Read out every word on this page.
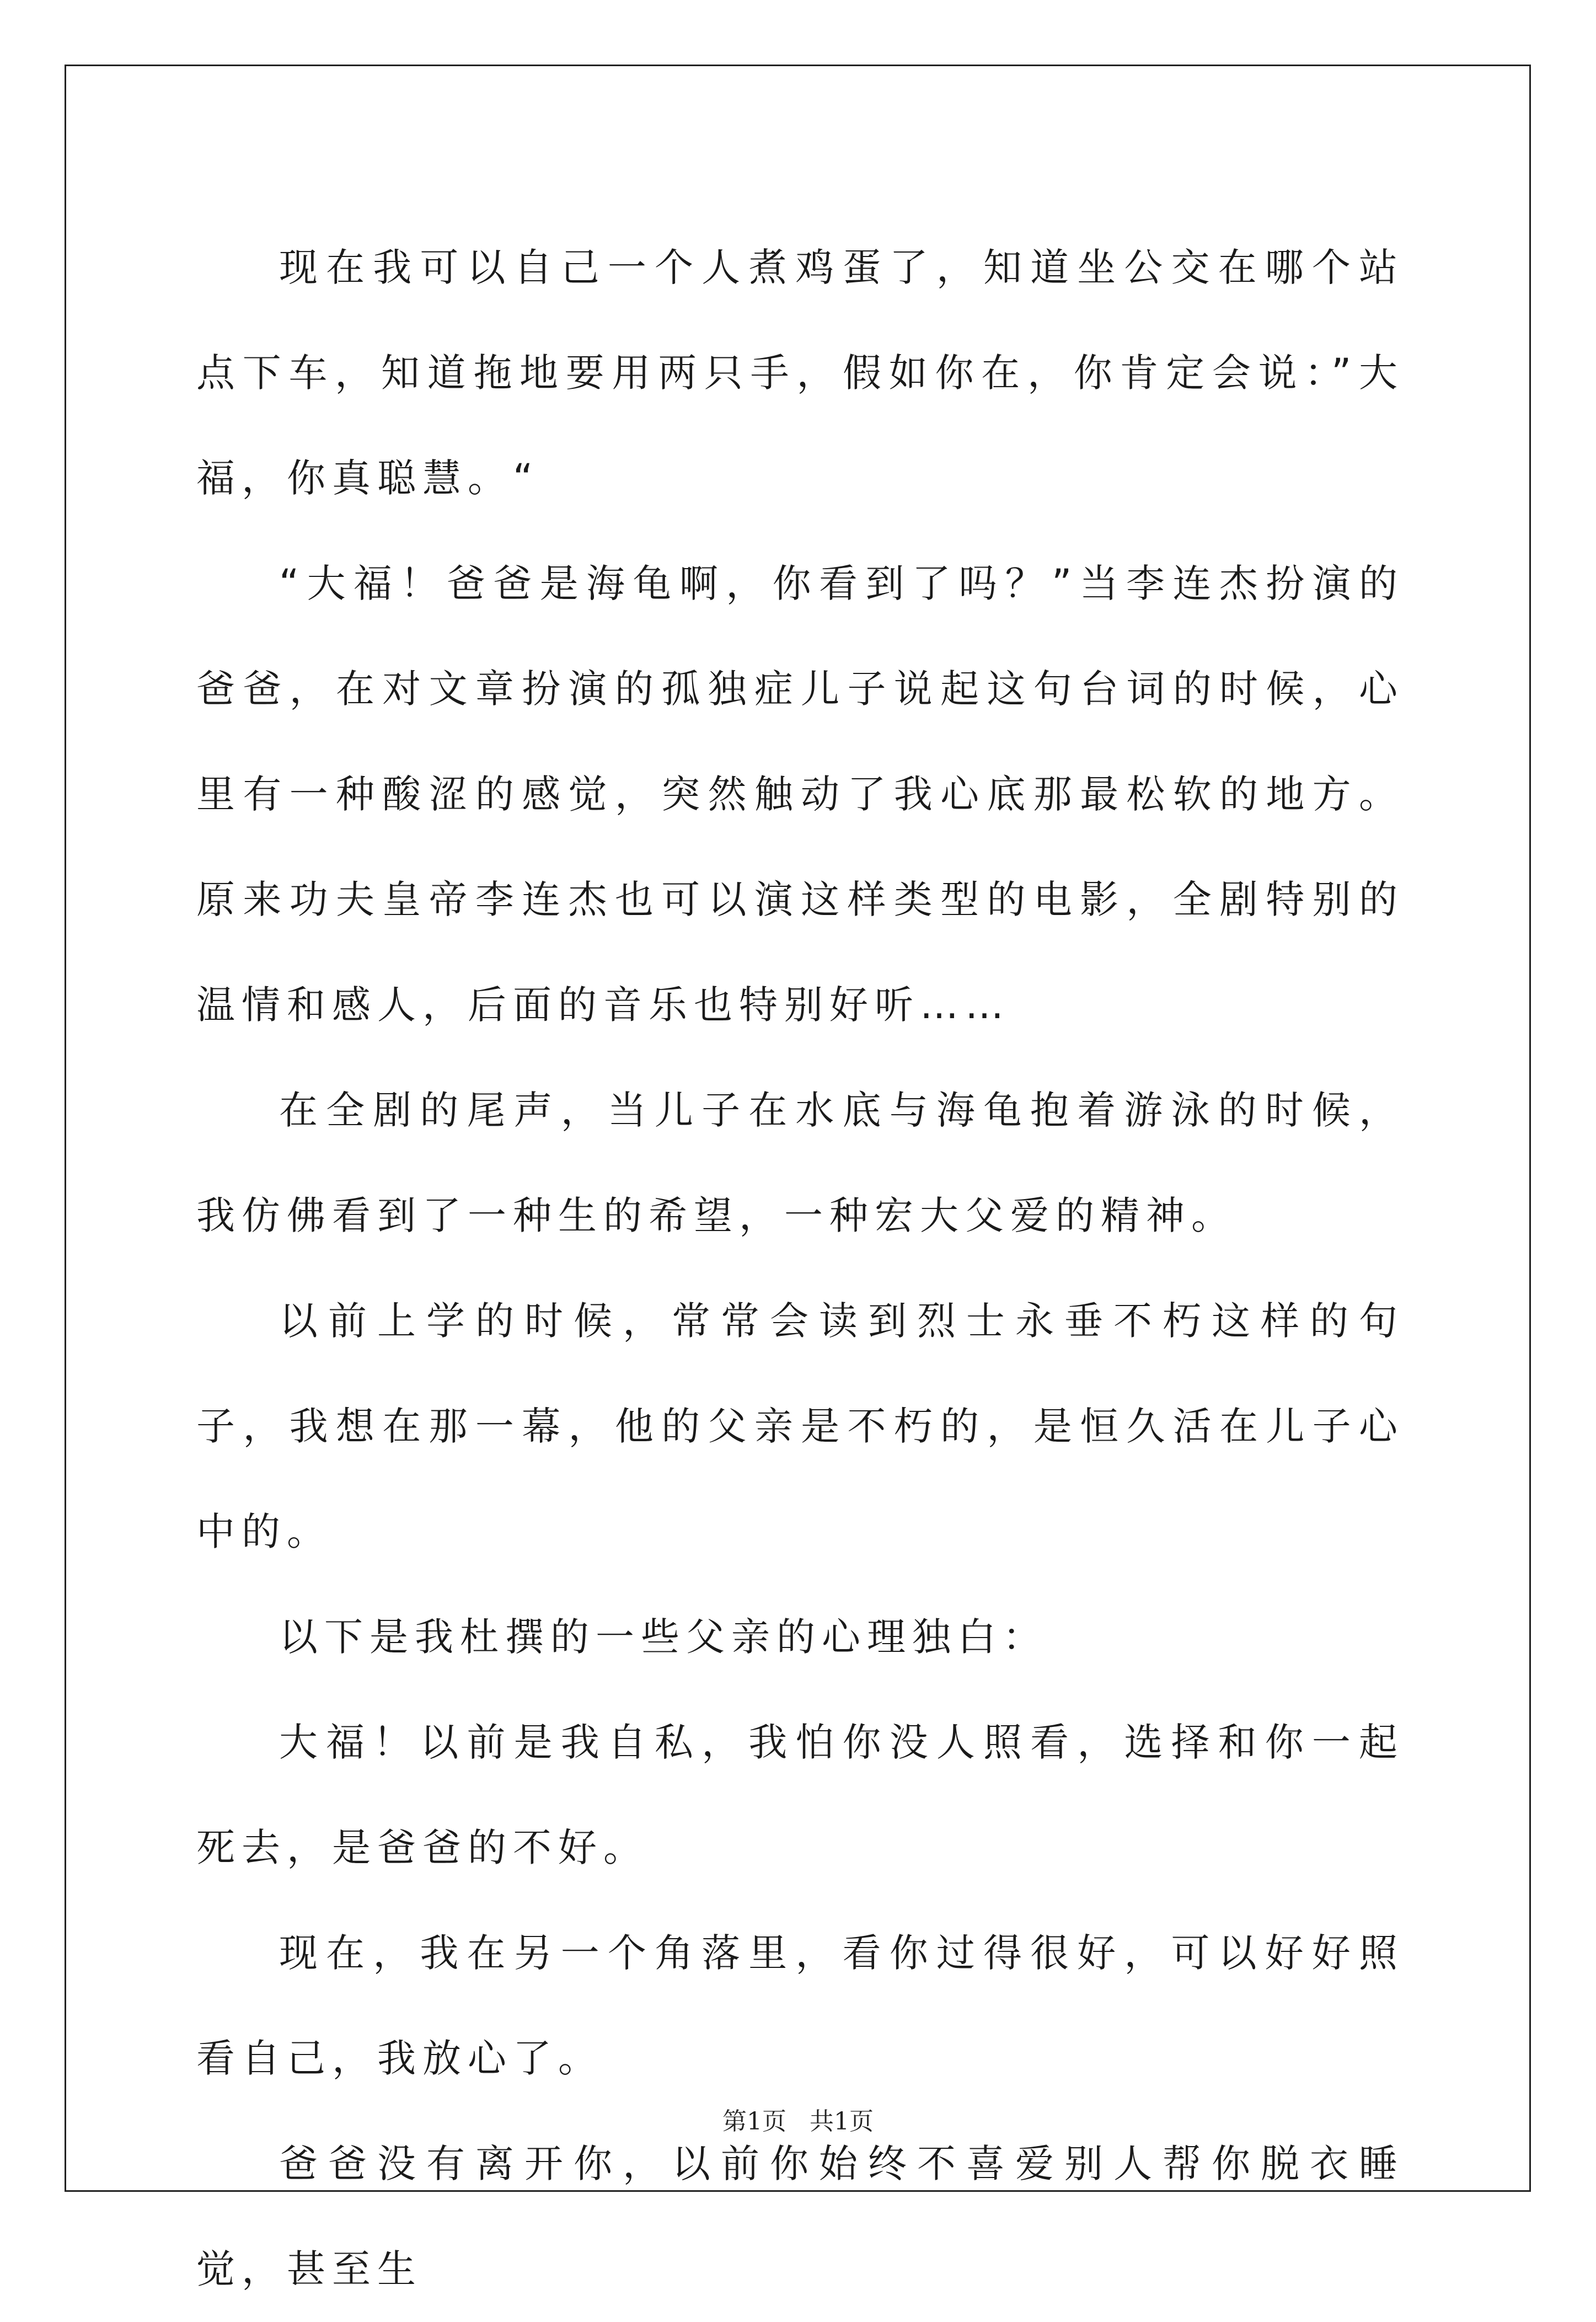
现在我可以自己一个人煮鸡蛋了，知道坐公交在哪个站点下车，知道拖地要用两只手，假如你在，你肯定会说：”大福，你真聪慧。“

“大福！爸爸是海龟啊，你看到了吗？”当李连杰扮演的爸爸，在对文章扮演的孤独症儿子说起这句台词的时候，心里有一种酸涩的感觉，突然触动了我心底那最松软的地方。原来功夫皇帝李连杰也可以演这样类型的电影，全剧特别的温情和感人，后面的音乐也特别好听……

在全剧的尾声，当儿子在水底与海龟抱着游泳的时候，我仿佛看到了一种生的希望，一种宏大父爱的精神。

以前上学的时候，常常会读到烈士永垂不朽这样的句子，我想在那一幕，他的父亲是不朽的，是恒久活在儿子心中的。

以下是我杜撰的一些父亲的心理独白：

大福！以前是我自私，我怕你没人照看，选择和你一起死去，是爸爸的不好。

现在，我在另一个角落里，看你过得很好，可以好好照看自己，我放心了。

爸爸没有离开你，以前你始终不喜爱别人帮你脱衣睡觉，甚至生

第1页   共1页
